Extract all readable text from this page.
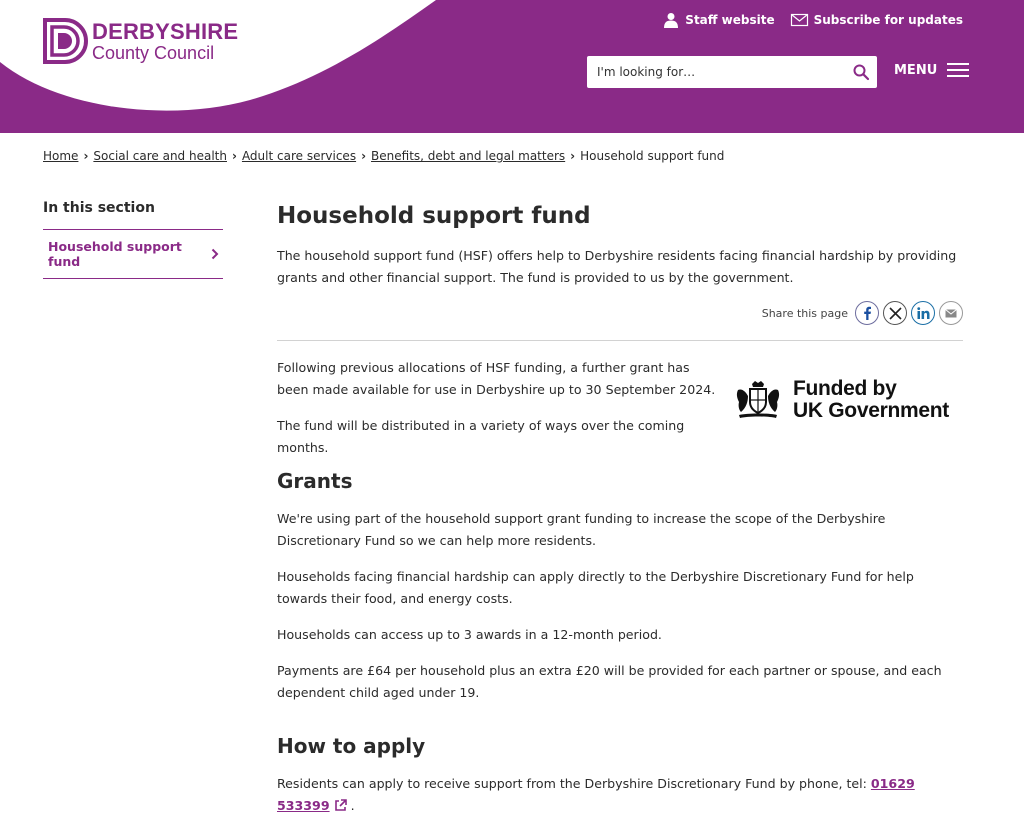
DERBYSHIRE
County Council
Staff website	Subscribe for updates
I'm looking for…
MENU
Home › Social care and health › Adult care services › Benefits, debt and legal matters › Household support fund
In this section
Household support fund
Household support fund

The household support fund (HSF) offers help to Derbyshire residents facing financial hardship by providing grants and other financial support. The fund is provided to us by the government.

Share this page

Following previous allocations of HSF funding, a further grant has been made available for use in Derbyshire up to 30 September 2024.

The fund will be distributed in a variety of ways over the coming months.

Funded by
UK Government
Grants

We're using part of the household support grant funding to increase the scope of the Derbyshire Discretionary Fund so we can help more residents.

Households facing financial hardship can apply directly to the Derbyshire Discretionary Fund for help towards their food, and energy costs.

Households can access up to 3 awards in a 12-month period.

Payments are £64 per household plus an extra £20 will be provided for each partner or spouse, and each dependent child aged under 19.

How to apply

Residents can apply to receive support from the Derbyshire Discretionary Fund by phone, tel: 01629 533399 .
